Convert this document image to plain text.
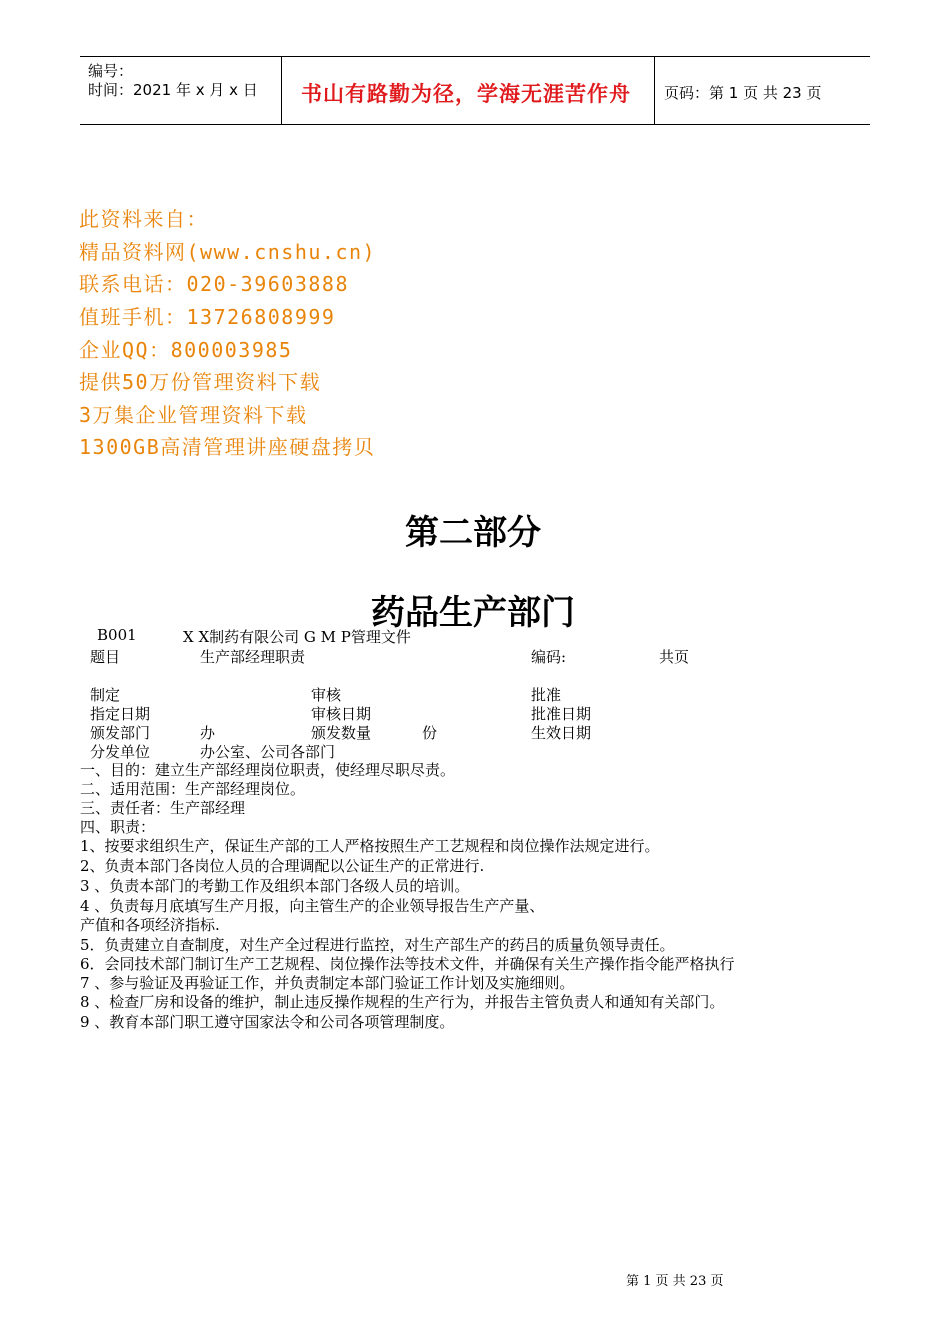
编号：
时间：2021 年 x 月 x 日 书山有路勤为径，学海无涯苦作舟 页码：第 1 页 共 23 页
此资料来自：
精品资料网(www.cnshu.cn)
联系电话：020-39603888
值班手机：13726808999
企业QQ：800003985
提供50万份管理资料下载
3万集企业管理资料下载
1300GB高清管理讲座硬盘拷贝
第二部分
药品生产部门
B001	X X制药有限公司 G M P管理文件
题目	生产部经理职责	编码:	共页
制定	审核	批准
指定日期	审核日期	批准日期
颁发部门	办	颁发数量	份	生效日期
分发单位	办公室、公司各部门
一、目的：建立生产部经理岗位职责，使经理尽职尽责。
二、适用范围：生产部经理岗位。
三、责任者：生产部经理
四、职责：
1、按要求组织生产，保证生产部的工人严格按照生产工艺规程和岗位操作法规定进行。
2、负责本部门各岗位人员的合理调配以公证生产的正常进行.
3 、负责本部门的考勤工作及组织本部门各级人员的培训。
4 、负责每月底填写生产月报，向主管生产的企业领导报告生产产量、
产值和各项经济指标.
5．负责建立自查制度，对生产全过程进行监控，对生产部生产的药吕的质量负领导责任。
6．会同技术部门制订生产工艺规程、岗位操作法等技术文件，并确保有关生产操作指令能严格执行
7 、参与验证及再验证工作，并负责制定本部门验证工作计划及实施细则。
8 、检查厂房和设备的维护，制止违反操作规程的生产行为，并报告主管负责人和通知有关部门。
9 、教育本部门职工遵守国家法令和公司各项管理制度。
第 1 页 共 23 页
